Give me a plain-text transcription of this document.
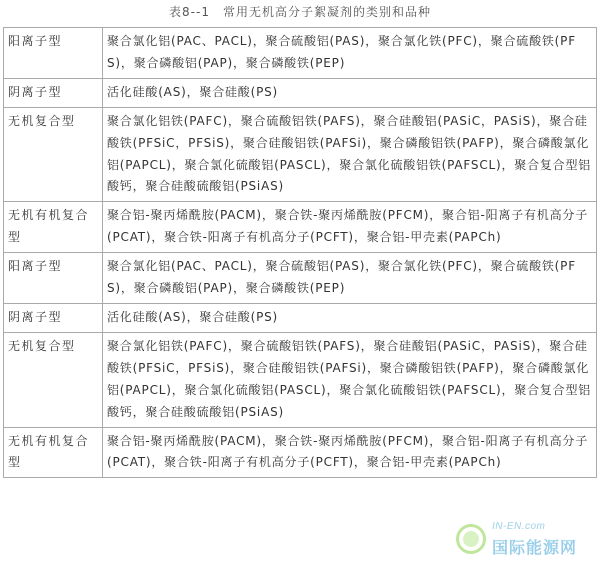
表8--1　常用无机高分子絮凝剂的类别和品种
阳离子型	聚合氯化铝(PAC、PACL)，聚合硫酸铝(PAS)，聚合氯化铁(PFC)，聚合硫酸铁(PFS)，聚合磷酸铝(PAP)，聚合磷酸铁(PEP)
阴离子型	活化硅酸(AS)，聚合硅酸(PS)
无机复合型	聚合氯化铝铁(PAFC)，聚合硫酸铝铁(PAFS)，聚合硅酸铝(PASiC，PASiS)，聚合硅酸铁(PFSiC，PFSiS)，聚合硅酸铝铁(PAFSi)，聚合磷酸铝铁(PAFP)，聚合磷酸氯化铝(PAPCL)，聚合氯化硫酸铝(PASCL)，聚合氯化硫酸铝铁(PAFSCL)，聚合复合型铝酸钙，聚合硅酸硫酸铝(PSiAS)
无机有机复合型	聚合铝-聚丙烯酰胺(PACM)，聚合铁-聚丙烯酰胺(PFCM)，聚合铝-阳离子有机高分子(PCAT)，聚合铁-阳离子有机高分子(PCFT)，聚合铝-甲壳素(PAPCh)
阳离子型	聚合氯化铝(PAC、PACL)，聚合硫酸铝(PAS)，聚合氯化铁(PFC)，聚合硫酸铁(PFS)，聚合磷酸铝(PAP)，聚合磷酸铁(PEP)
阴离子型	活化硅酸(AS)，聚合硅酸(PS)
无机复合型	聚合氯化铝铁(PAFC)，聚合硫酸铝铁(PAFS)，聚合硅酸铝(PASiC，PASiS)，聚合硅酸铁(PFSiC，PFSiS)，聚合硅酸铝铁(PAFSi)，聚合磷酸铝铁(PAFP)，聚合磷酸氯化铝(PAPCL)，聚合氯化硫酸铝(PASCL)，聚合氯化硫酸铝铁(PAFSCL)，聚合复合型铝酸钙，聚合硅酸硫酸铝(PSiAS)
无机有机复合型	聚合铝-聚丙烯酰胺(PACM)，聚合铁-聚丙烯酰胺(PFCM)，聚合铝-阳离子有机高分子(PCAT)，聚合铁-阳离子有机高分子(PCFT)，聚合铝-甲壳素(PAPCh)
IN-EN.com
国际能源网
